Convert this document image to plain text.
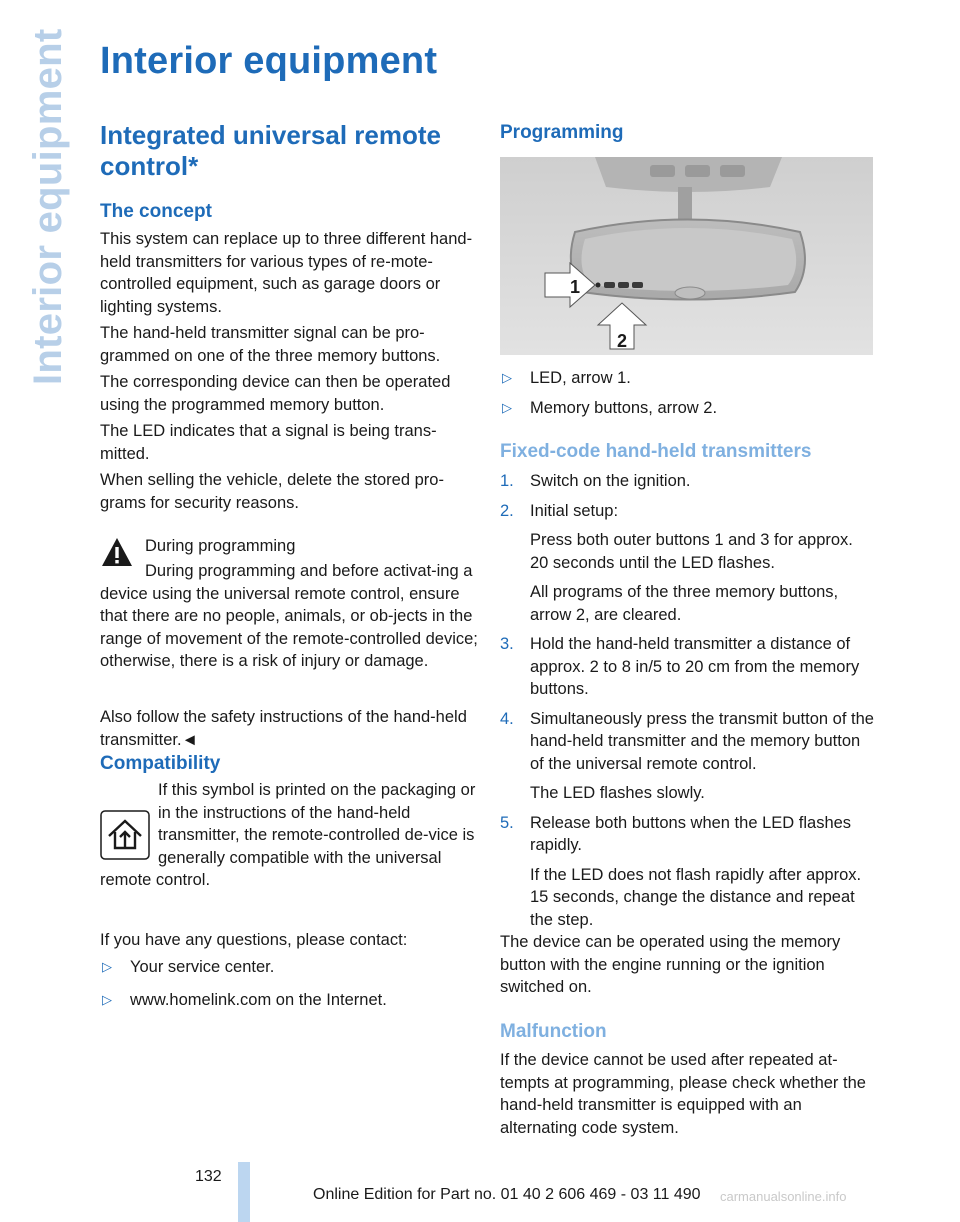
Interior equipment Interior equipment
Integrated universal remote control*
The concept

This system can replace up to three different hand-held transmitters for various types of re-mote-controlled equipment, such as garage doors or lighting systems.

The hand-held transmitter signal can be pro-grammed on one of the three memory buttons.

The corresponding device can then be operated using the programmed memory button.

The LED indicates that a signal is being trans-mitted.

When selling the vehicle, delete the stored pro-grams for security reasons.

During programming

During programming and before activat-ing a device using the universal remote control, ensure that there are no people, animals, or ob-jects in the range of movement of the remote-controlled device; otherwise, there is a risk of injury or damage.

Also follow the safety instructions of the hand-held transmitter.◄

Compatibility

If this symbol is printed on the packaging or in the instructions of the hand-held transmitter, the remote-controlled de-vice is generally compatible with the universal remote control.

If you have any questions, please contact:

▷ Your service center.
▷ www.homelink.com on the Internet.
Programming
1
2
▷ LED, arrow 1.
▷ Memory buttons, arrow 2.
Fixed-code hand-held transmitters
1. Switch on the ignition.
2. Initial setup:
Press both outer buttons 1 and 3 for approx. 20 seconds until the LED flashes.
All programs of the three memory buttons, arrow 2, are cleared.
3. Hold the hand-held transmitter a distance of approx. 2 to 8 in/5 to 20 cm from the memory buttons.
4. Simultaneously press the transmit button of the hand-held transmitter and the memory button of the universal remote control.
The LED flashes slowly.
5. Release both buttons when the LED flashes rapidly.
If the LED does not flash rapidly after approx. 15 seconds, change the distance and repeat the step.

The device can be operated using the memory button with the engine running or the ignition switched on.

Malfunction

If the device cannot be used after repeated at-tempts at programming, please check whether the hand-held transmitter is equipped with an alternating code system.

132
Online Edition for Part no. 01 40 2 606 469 - 03 11 490 carmanualsonline.info
